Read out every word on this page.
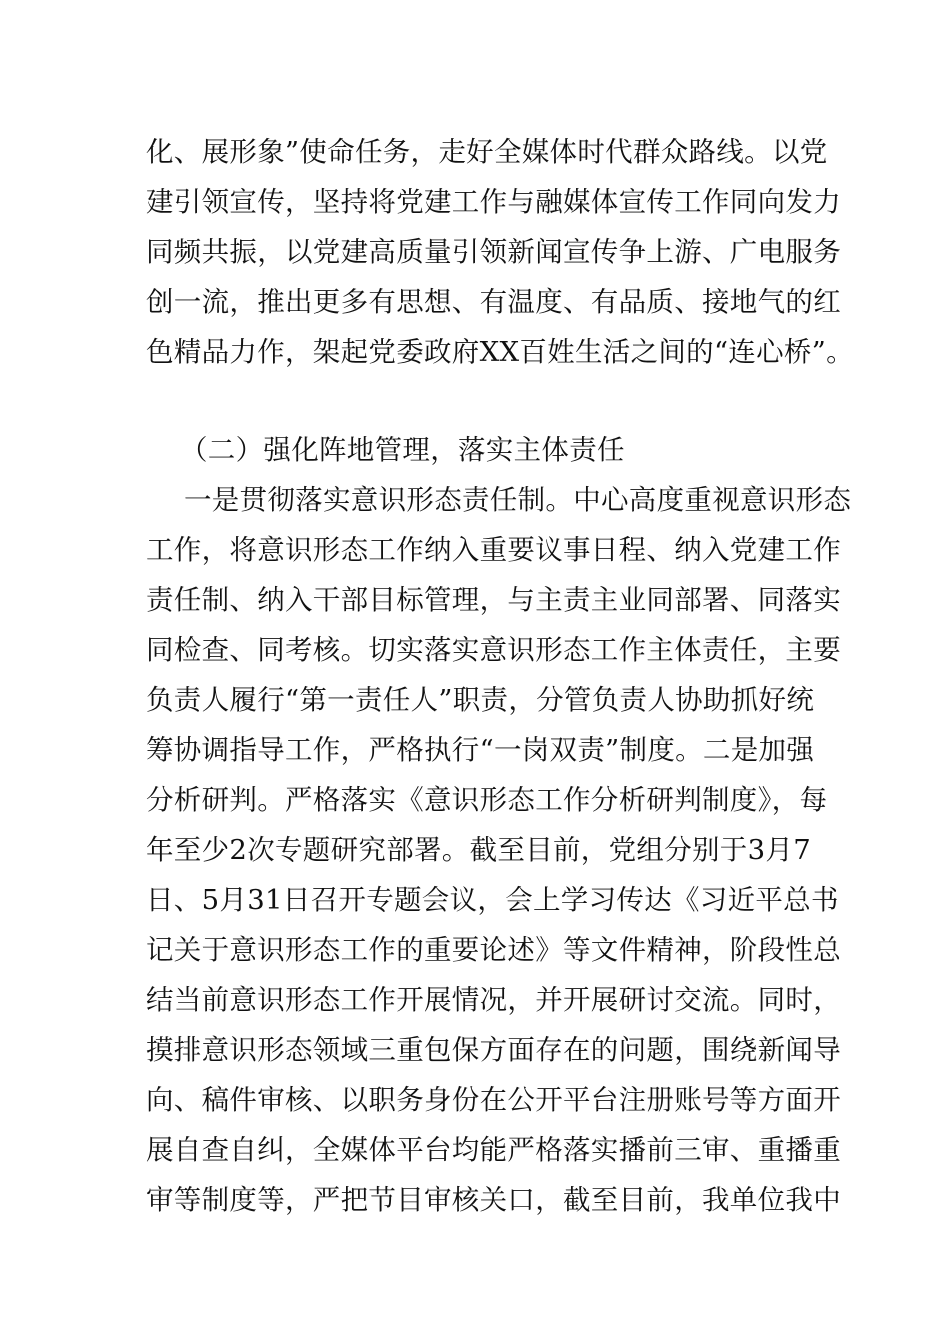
化、展形象”使命任务，走好全媒体时代群众路线。以党
建引领宣传，坚持将党建工作与融媒体宣传工作同向发力
同频共振，以党建高质量引领新闻宣传争上游、广电服务
创一流，推出更多有思想、有温度、有品质、接地气的红
色精品力作，架起党委政府XX百姓生活之间的“连心桥”。
（二）强化阵地管理，落实主体责任
一是贯彻落实意识形态责任制。中心高度重视意识形态
工作，将意识形态工作纳入重要议事日程、纳入党建工作
责任制、纳入干部目标管理，与主责主业同部署、同落实
同检查、同考核。切实落实意识形态工作主体责任，主要
负责人履行“第一责任人”职责，分管负责人协助抓好统
筹协调指导工作，严格执行“一岗双责”制度。二是加强
分析研判。严格落实《意识形态工作分析研判制度》，每
年至少2次专题研究部署。截至目前，党组分别于3月7
日、5月31日召开专题会议，会上学习传达《习近平总书
记关于意识形态工作的重要论述》等文件精神，阶段性总
结当前意识形态工作开展情况，并开展研讨交流。同时，
摸排意识形态领域三重包保方面存在的问题，围绕新闻导
向、稿件审核、以职务身份在公开平台注册账号等方面开
展自查自纠，全媒体平台均能严格落实播前三审、重播重
审等制度等，严把节目审核关口，截至目前，我单位我中
